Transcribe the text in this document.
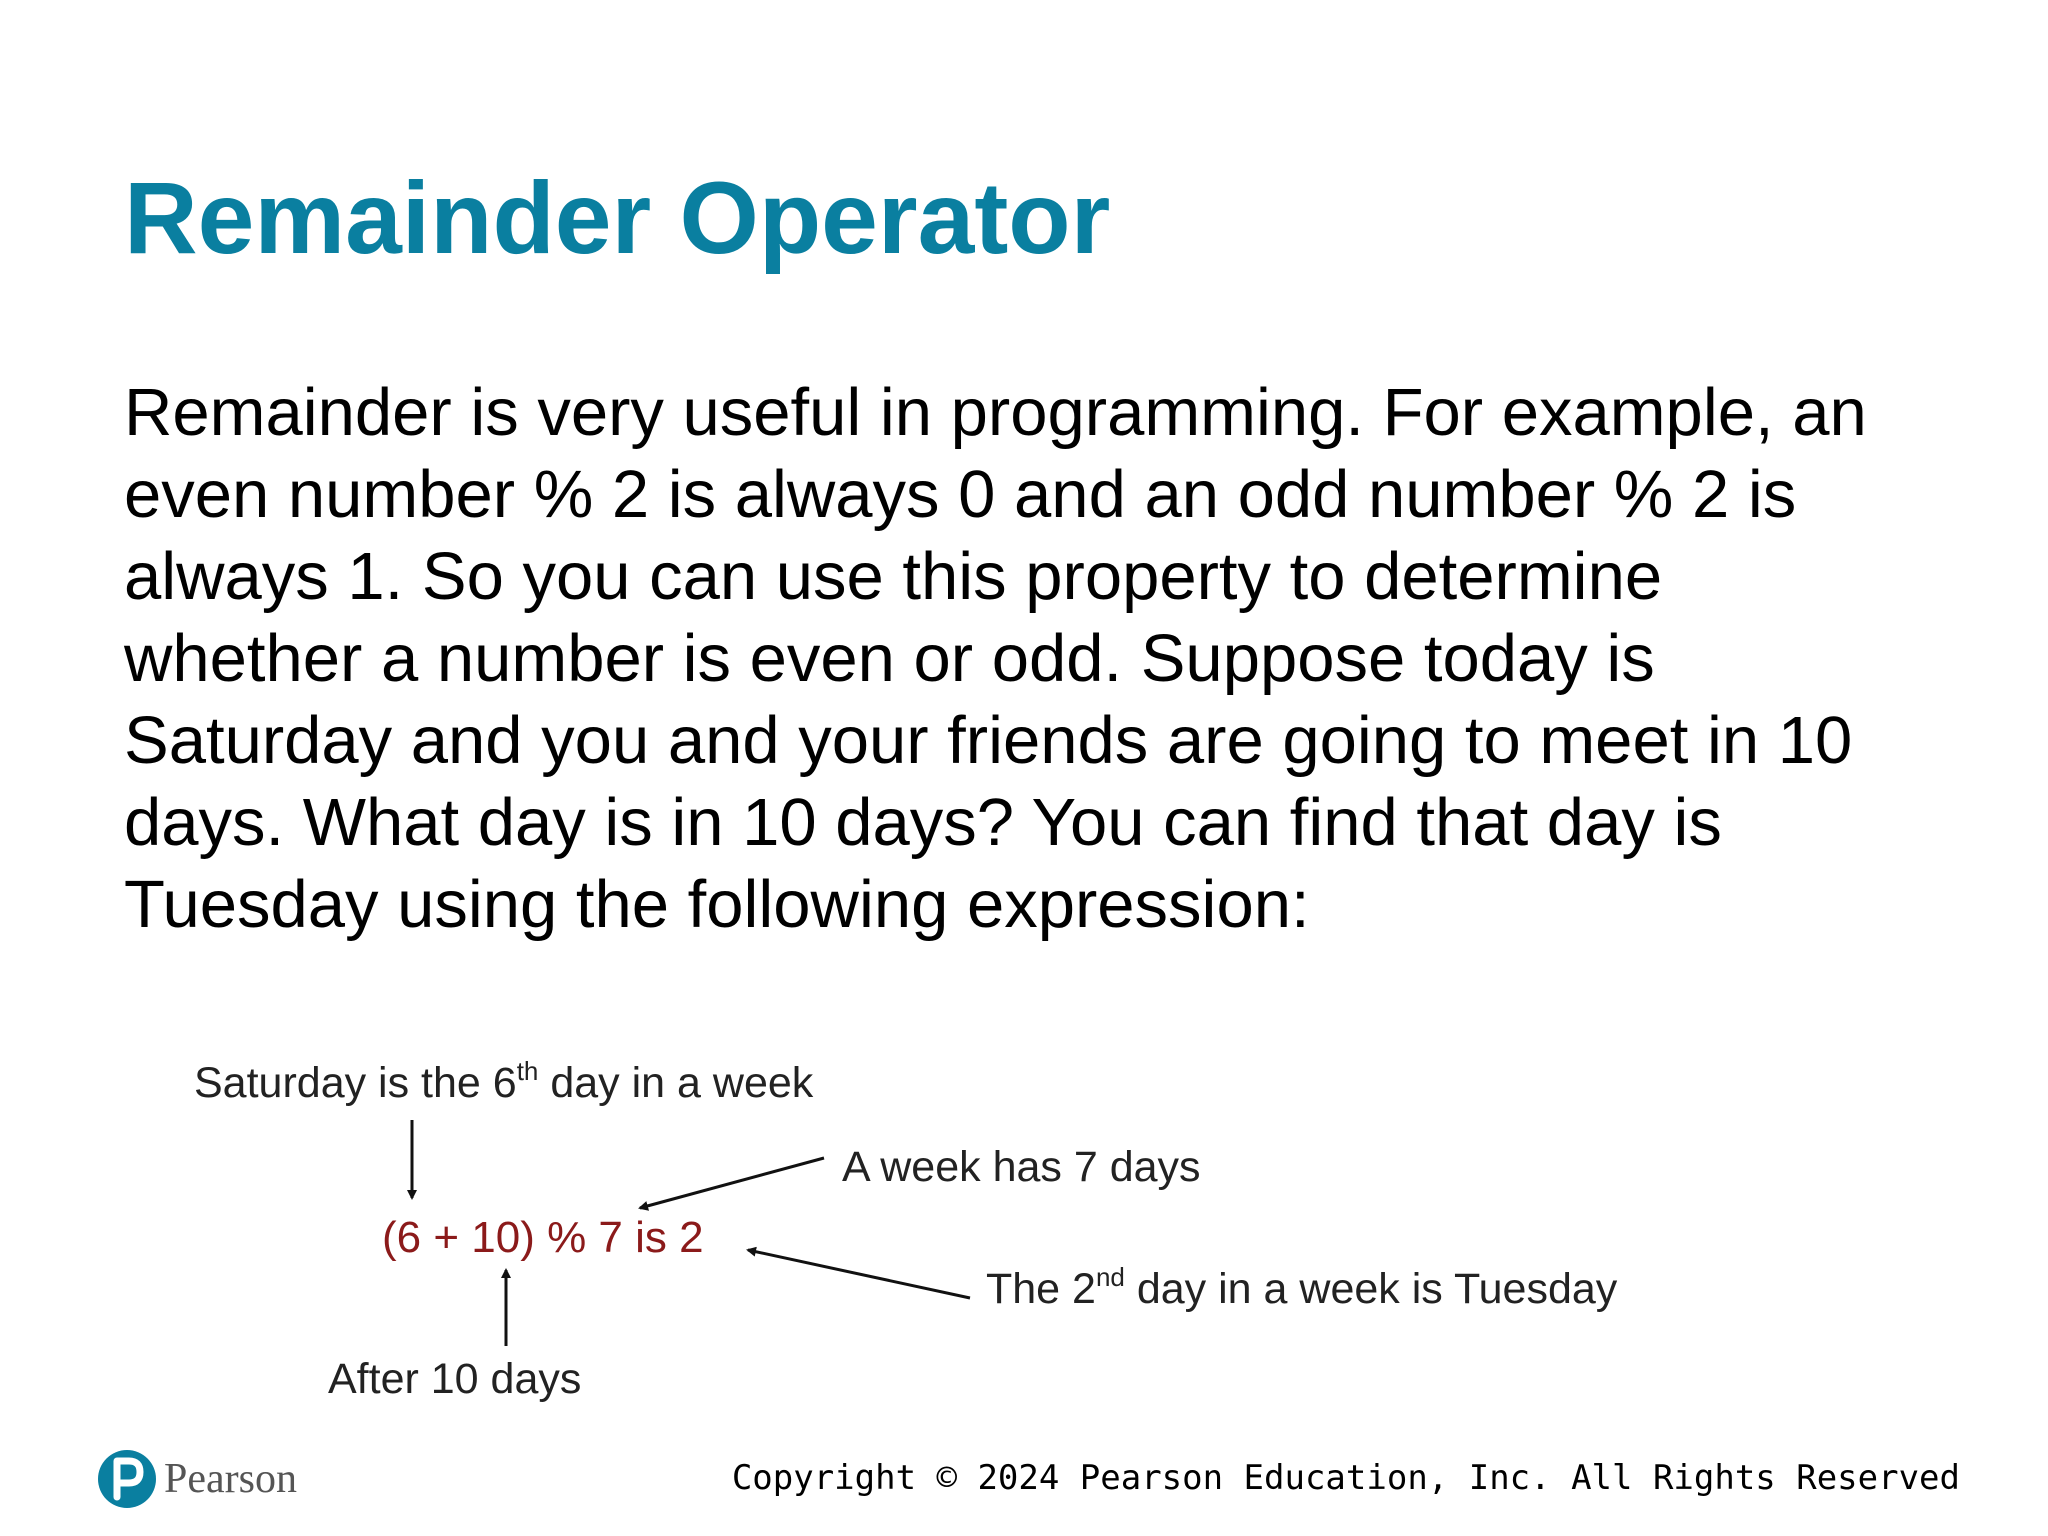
Remainder Operator
Remainder is very useful in programming. For example, an
even number % 2 is always 0 and an odd number % 2 is
always 1. So you can use this property to determine
whether a number is even or odd. Suppose today is
Saturday and you and your friends are going to meet in 10
days. What day is in 10 days? You can find that day is
Tuesday using the following expression:
Saturday is the 6th day in a week
A week has 7 days
(6 + 10) % 7 is 2
The 2nd day in a week is Tuesday
After 10 days
Pearson	Copyright © 2024 Pearson Education, Inc. All Rights Reserved
